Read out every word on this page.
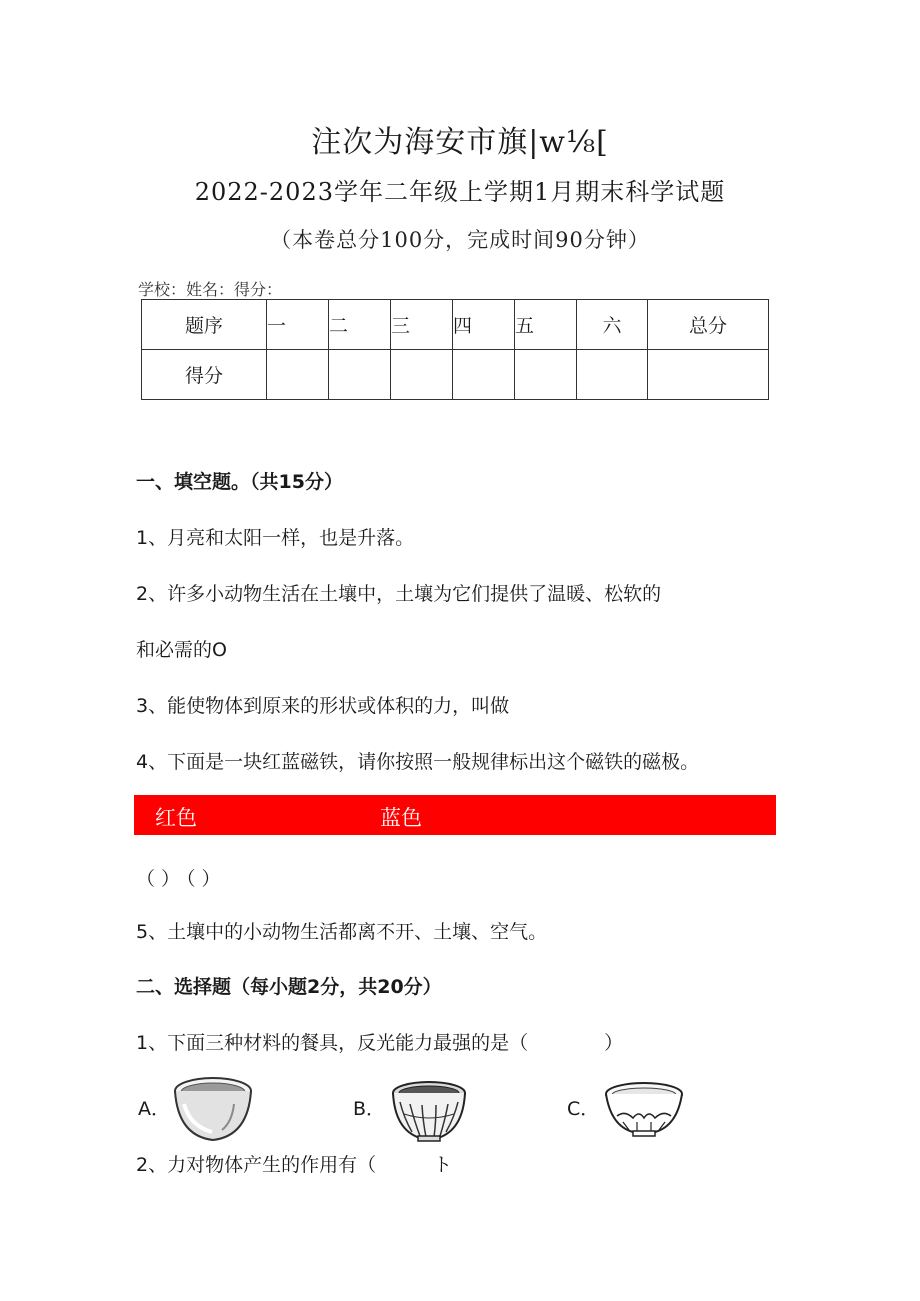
注次为海安市旗|w⅛[
2022-2023学年二年级上学期1月期末科学试题
（本卷总分100分，完成时间90分钟）
学校：姓名：得分：
题序	一	二	三	四	五	六	总分
得分							
一、填空题。（共15分）
1、月亮和太阳一样，也是升落。
2、许多小动物生活在土壤中，土壤为它们提供了温暖、松软的
和必需的O
3、能使物体到原来的形状或体积的力，叫做
4、下面是一块红蓝磁铁，请你按照一般规律标出这个磁铁的磁极。
红色	蓝色
（）（）
5、土壤中的小动物生活都离不开、土壤、空气。
二、选择题（每小题2分，共20分）
1、下面三种材料的餐具，反光能力最强的是（　　　　）
A．	B．	C．
2、力对物体产生的作用有（　　　ト
